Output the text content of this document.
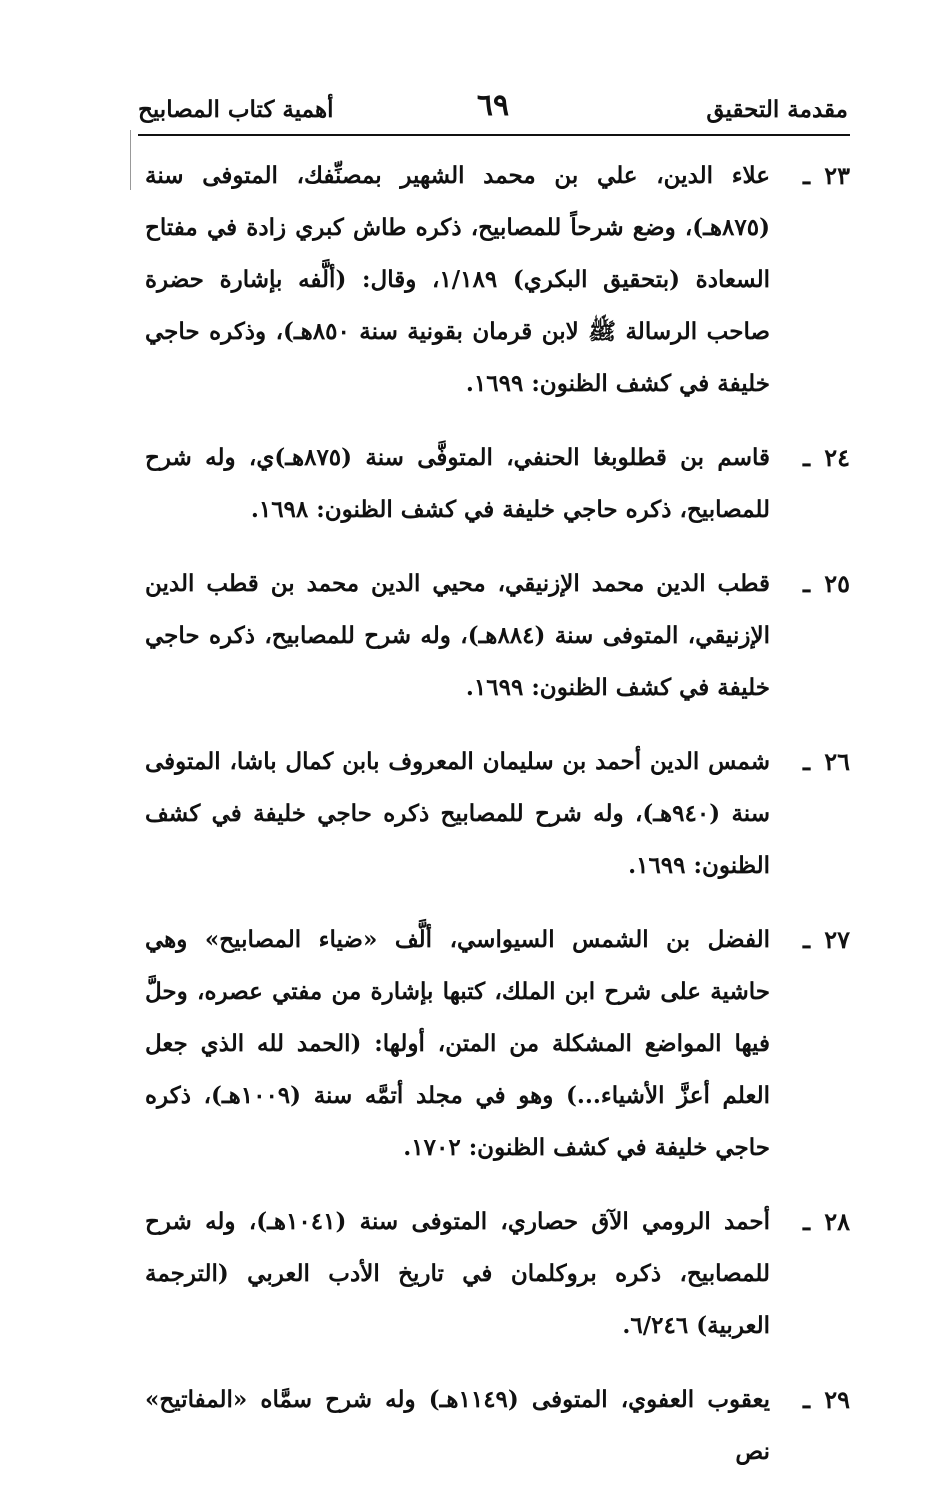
مقدمة التحقيق
٦٩
أهمية كتاب المصابيح
٢٣
ـ
علاء الدين، علي بن محمد الشهير بمصنِّفك، المتوفى سنة (٨٧٥هـ)، وضع شرحاً للمصابيح، ذكره طاش كبري زادة في مفتاح السعادة (بتحقيق البكري) ١/١٨٩، وقال: (ألَّفه بإشارة حضرة صاحب الرسالة ﷺ لابن قرمان بقونية سنة ٨٥٠هـ)، وذكره حاجي خليفة في كشف الظنون: ١٦٩٩.
٢٤
ـ
قاسم بن قطلوبغا الحنفي، المتوفَّى سنة (٨٧٥هـ)ي، وله شرح للمصابيح، ذكره حاجي خليفة في كشف الظنون: ١٦٩٨.
٢٥
ـ
قطب الدين محمد الإزنيقي، محيي الدين محمد بن قطب الدين الإزنيقي، المتوفى سنة (٨٨٤هـ)، وله شرح للمصابيح، ذكره حاجي خليفة في كشف الظنون: ١٦٩٩.
٢٦
ـ
شمس الدين أحمد بن سليمان المعروف بابن كمال باشا، المتوفى سنة (٩٤٠هـ)، وله شرح للمصابيح ذكره حاجي خليفة في كشف الظنون: ١٦٩٩.
٢٧
ـ
الفضل بن الشمس السيواسي، ألَّف «ضياء المصابيح» وهي حاشية على شرح ابن الملك، كتبها بإشارة من مفتي عصره، وحلَّ فيها المواضع المشكلة من المتن، أولها: (الحمد لله الذي جعل العلم أعزَّ الأشياء...) وهو في مجلد أتمَّه سنة (١٠٠٩هـ)، ذكره حاجي خليفة في كشف الظنون: ١٧٠٢.
٢٨
ـ
أحمد الرومي الآق حصاري، المتوفى سنة (١٠٤١هـ)، وله شرح للمصابيح، ذكره بروكلمان في تاريخ الأدب العربي (الترجمة العربية) ٦/٢٤٦.
٢٩
ـ
يعقوب العفوي، المتوفى (١١٤٩هـ) وله شرح سمَّاه «المفاتيح» نص
